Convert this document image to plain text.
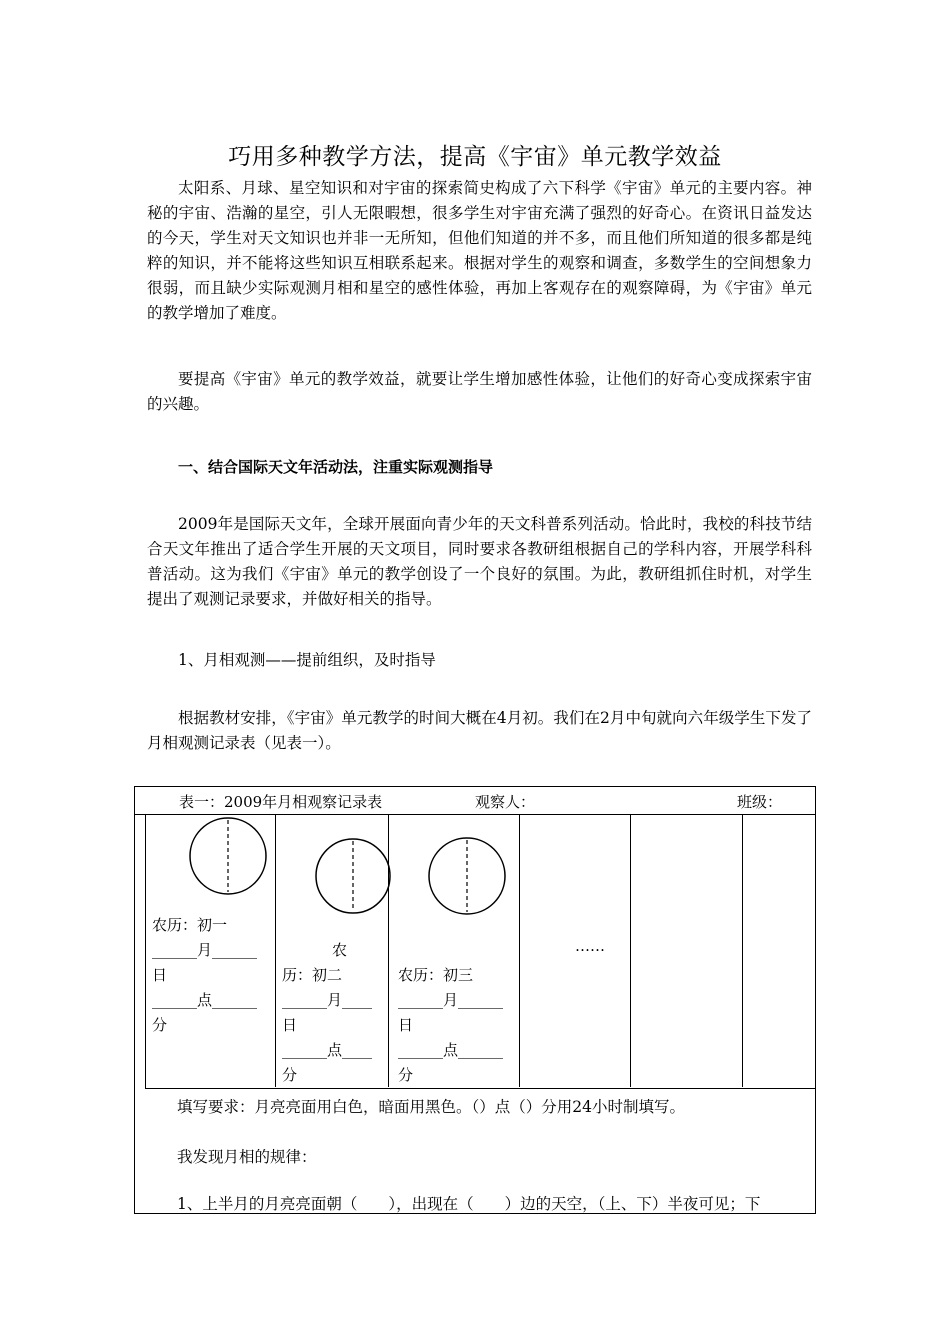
巧用多种教学方法，提高《宇宙》单元教学效益

太阳系、月球、星空知识和对宇宙的探索简史构成了六下科学《宇宙》单元的主要内容。神秘的宇宙、浩瀚的星空，引人无限暇想，很多学生对宇宙充满了强烈的好奇心。在资讯日益发达的今天，学生对天文知识也并非一无所知，但他们知道的并不多，而且他们所知道的很多都是纯粹的知识，并不能将这些知识互相联系起来。根据对学生的观察和调查，多数学生的空间想象力很弱，而且缺少实际观测月相和星空的感性体验，再加上客观存在的观察障碍，为《宇宙》单元的教学增加了难度。

要提高《宇宙》单元的教学效益，就要让学生增加感性体验，让他们的好奇心变成探索宇宙的兴趣。

一、结合国际天文年活动法，注重实际观测指导

2009年是国际天文年，全球开展面向青少年的天文科普系列活动。恰此时，我校的科技节结合天文年推出了适合学生开展的天文项目，同时要求各教研组根据自己的学科内容，开展学科科普活动。这为我们《宇宙》单元的教学创设了一个良好的氛围。为此，教研组抓住时机，对学生提出了观测记录要求，并做好相关的指导。

1、月相观测——提前组织，及时指导

根据教材安排，《宇宙》单元教学的时间大概在4月初。我们在2月中旬就向六年级学生下发了月相观测记录表（见表一）。

表一：2009年月相观察记录表	观察人：	班级：
农历：初一
______月______
日
______点______
分
农
历：初二
______月____
日
______点____
分
农历：初三
______月______
日
______点______
分
……
填写要求：月亮亮面用白色，暗面用黑色。（）点（）分用24小时制填写。
我发现月相的规律：
1、上半月的月亮亮面朝（　　），出现在（　　）边的天空，（上、下）半夜可见；下
